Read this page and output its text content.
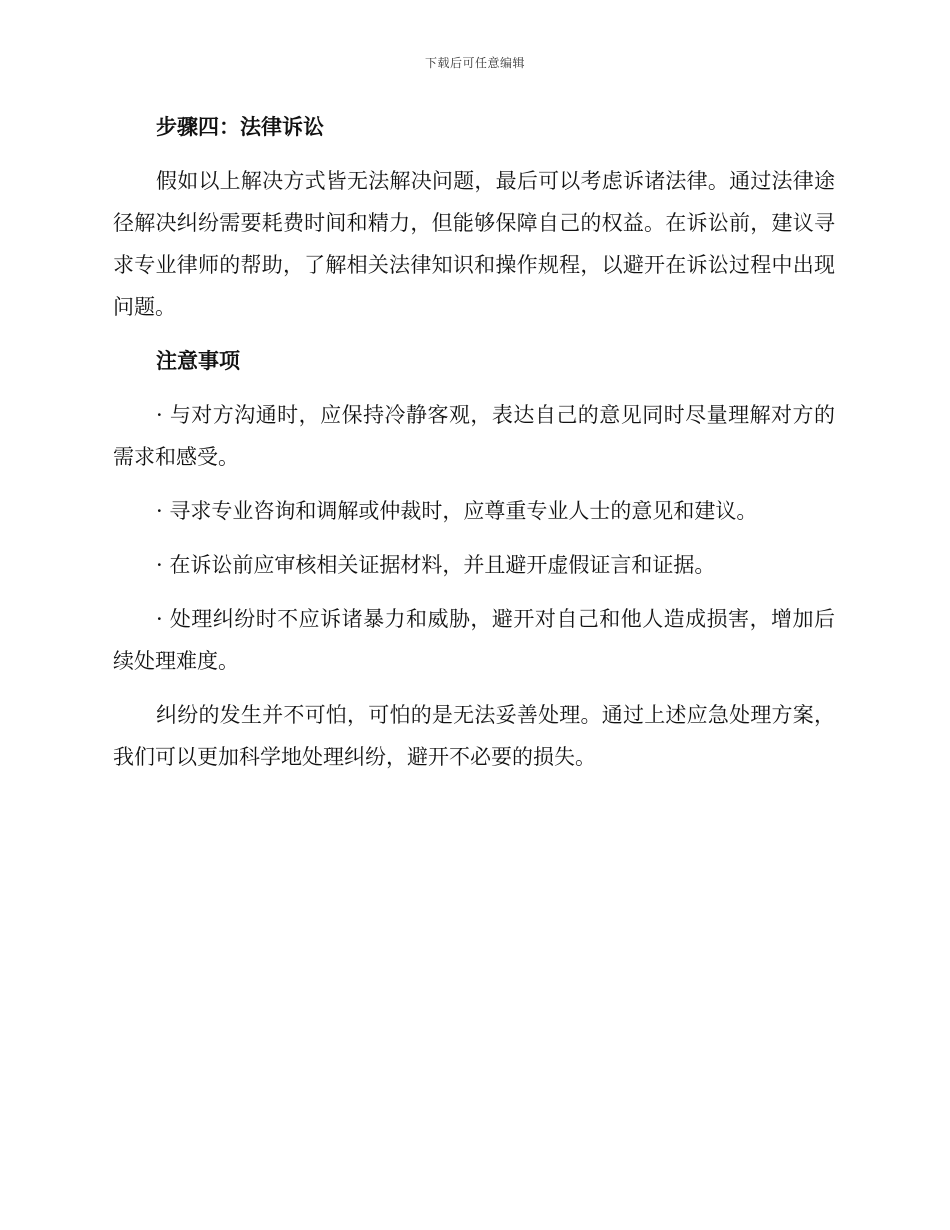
下载后可任意编辑
步骤四：法律诉讼

假如以上解决方式皆无法解决问题，最后可以考虑诉诸法律。通过法律途径解决纠纷需要耗费时间和精力，但能够保障自己的权益。在诉讼前，建议寻求专业律师的帮助，了解相关法律知识和操作规程，以避开在诉讼过程中出现问题。

注意事项

· 与对方沟通时，应保持冷静客观，表达自己的意见同时尽量理解对方的需求和感受。

· 寻求专业咨询和调解或仲裁时，应尊重专业人士的意见和建议。

· 在诉讼前应审核相关证据材料，并且避开虚假证言和证据。

· 处理纠纷时不应诉诸暴力和威胁，避开对自己和他人造成损害，增加后续处理难度。

纠纷的发生并不可怕，可怕的是无法妥善处理。通过上述应急处理方案，我们可以更加科学地处理纠纷，避开不必要的损失。
